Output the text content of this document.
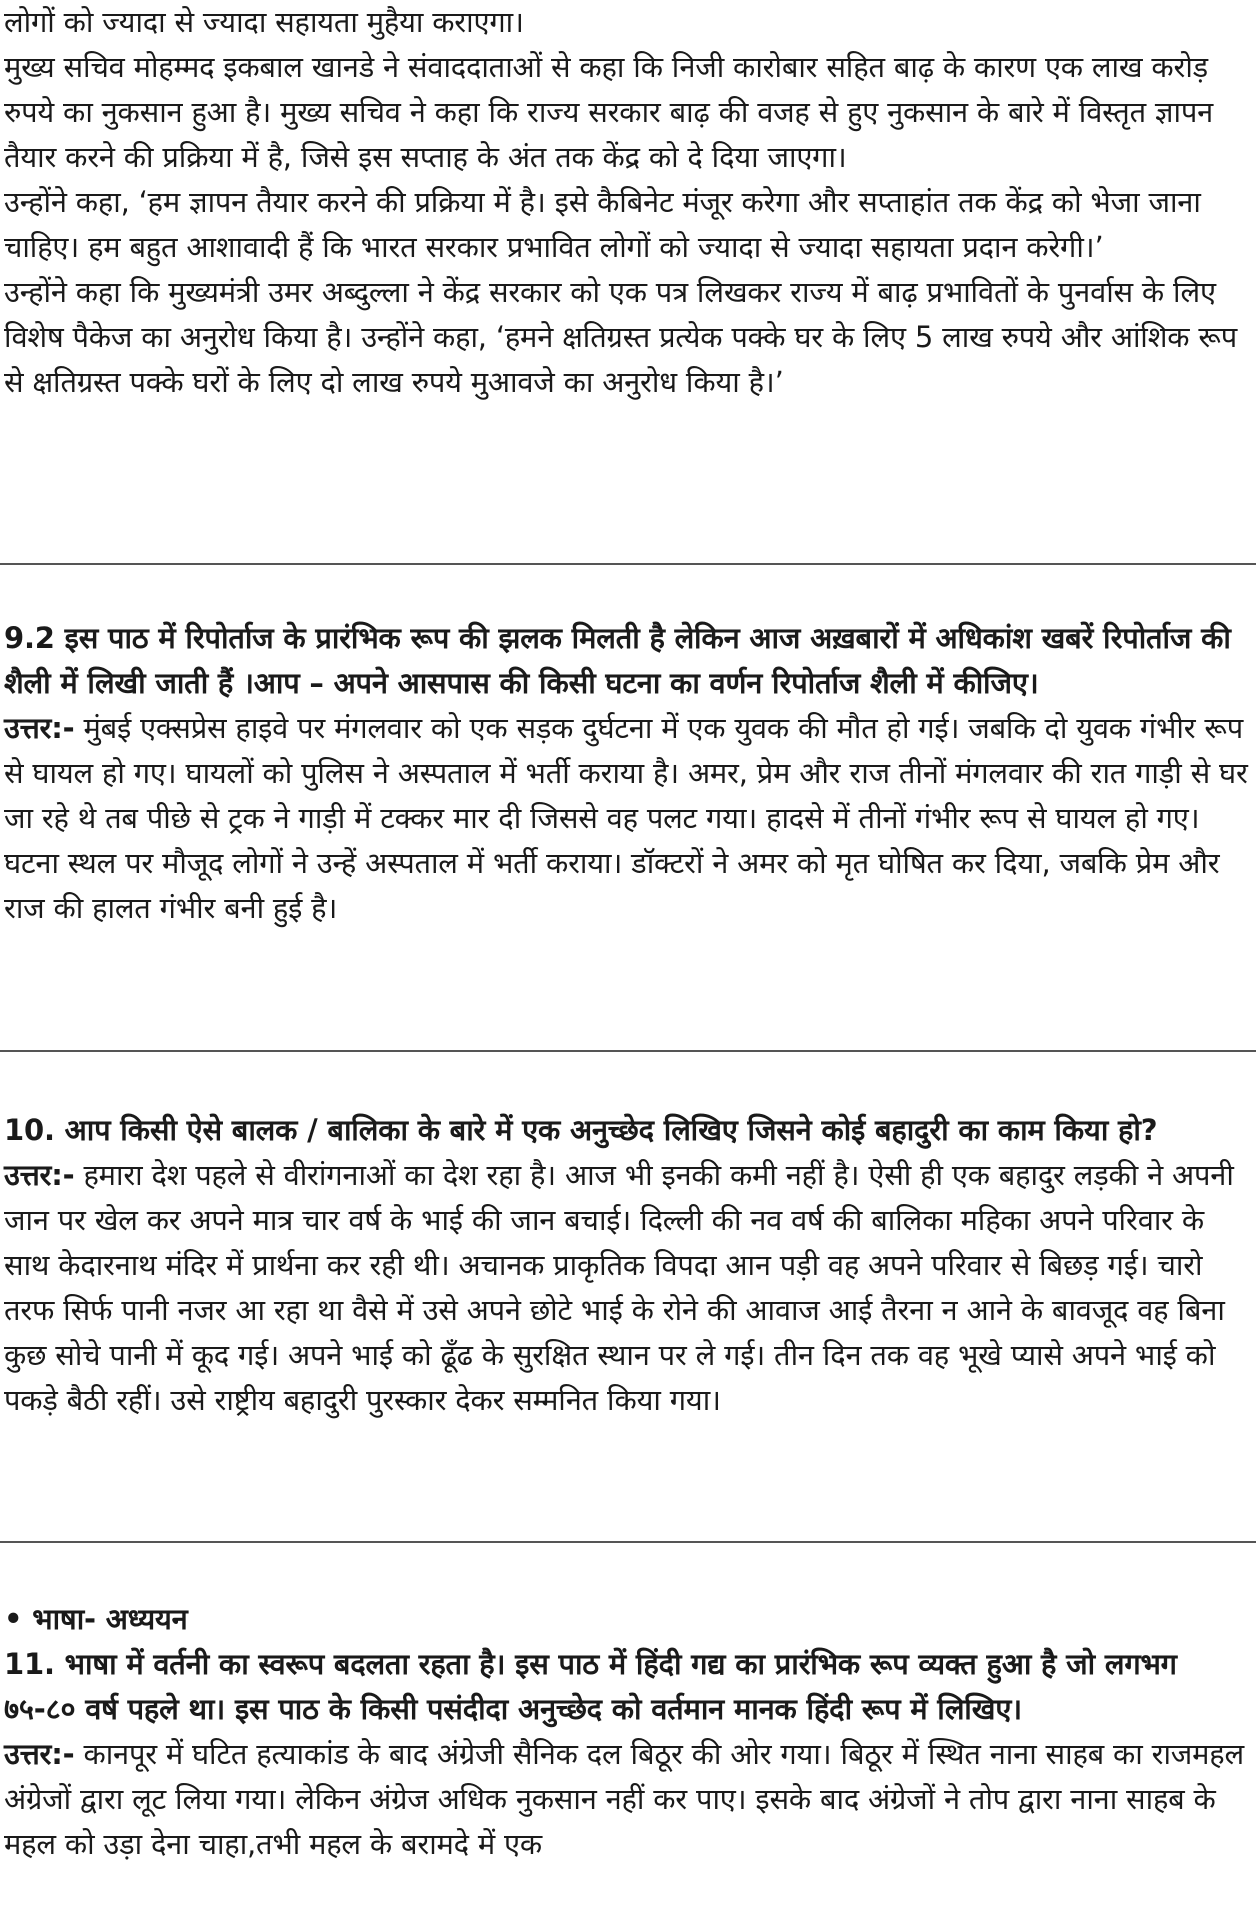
लोगों को ज्यादा से ज्यादा सहायता मुहैया कराएगा।

मुख्य सचिव मोहम्मद इकबाल खानडे ने संवाददाताओं से कहा कि निजी कारोबार सहित बाढ़ के कारण एक लाख करोड़ रुपये का नुकसान हुआ है। मुख्य सचिव ने कहा कि राज्य सरकार बाढ़ की वजह से हुए नुकसान के बारे में विस्तृत ज्ञापन तैयार करने की प्रक्रिया में है, जिसे इस सप्ताह के अंत तक केंद्र को दे दिया जाएगा।

उन्होंने कहा, ‘हम ज्ञापन तैयार करने की प्रक्रिया में है। इसे कैबिनेट मंजूर करेगा और सप्ताहांत तक केंद्र को भेजा जाना चाहिए। हम बहुत आशावादी हैं कि भारत सरकार प्रभावित लोगों को ज्यादा से ज्यादा सहायता प्रदान करेगी।’

उन्होंने कहा कि मुख्यमंत्री उमर अब्दुल्ला ने केंद्र सरकार को एक पत्र लिखकर राज्य में बाढ़ प्रभावितों के पुनर्वास के लिए विशेष पैकेज का अनुरोध किया है। उन्होंने कहा, ‘हमने क्षतिग्रस्त प्रत्येक पक्के घर के लिए 5 लाख रुपये और आंशिक रूप से क्षतिग्रस्त पक्के घरों के लिए दो लाख रुपये मुआवजे का अनुरोध किया है।’

9.2 इस पाठ में रिपोर्ताज के प्रारंभिक रूप की झलक मिलती है लेकिन आज अख़बारों में अधिकांश खबरें रिपोर्ताज की शैली में लिखी जाती हैं ।आप – अपने आसपास की किसी घटना का वर्णन रिपोर्ताज शैली में कीजिए।

उत्तर:- मुंबई एक्सप्रेस हाइवे पर मंगलवार को एक सड़क दुर्घटना में एक युवक की मौत हो गई। जबकि दो युवक गंभीर रूप से घायल हो गए। घायलों को पुलिस ने अस्पताल में भर्ती कराया है। अमर, प्रेम और राज तीनों मंगलवार की रात गाड़ी से घर जा रहे थे तब पीछे से ट्रक ने गाड़ी में टक्कर मार दी जिससे वह पलट गया। हादसे में तीनों गंभीर रूप से घायल हो गए। घटना स्थल पर मौजूद लोगों ने उन्हें अस्पताल में भर्ती कराया। डॉक्टरों ने अमर को मृत घोषित कर दिया, जबकि प्रेम और राज की हालत गंभीर बनी हुई है।

10. आप किसी ऐसे बालक / बालिका के बारे में एक अनुच्छेद लिखिए जिसने कोई बहादुरी का काम किया हो?

उत्तर:- हमारा देश पहले से वीरांगनाओं का देश रहा है। आज भी इनकी कमी नहीं है। ऐसी ही एक बहादुर लड़की ने अपनी जान पर खेल कर अपने मात्र चार वर्ष के भाई की जान बचाई। दिल्ली की नव वर्ष की बालिका महिका अपने परिवार के साथ केदारनाथ मंदिर में प्रार्थना कर रही थी। अचानक प्राकृतिक विपदा आन पड़ी वह अपने परिवार से बिछड़ गई। चारो तरफ सिर्फ पानी नजर आ रहा था वैसे में उसे अपने छोटे भाई के रोने की आवाज आई तैरना न आने के बावजूद वह बिना कुछ सोचे पानी में कूद गई। अपने भाई को ढूँढ के सुरक्षित स्थान पर ले गई। तीन दिन तक वह भूखे प्यासे अपने भाई को पकड़े बैठी रहीं। उसे राष्ट्रीय बहादुरी पुरस्कार देकर सम्मनित किया गया।

• भाषा- अध्ययन

11. भाषा में वर्तनी का स्वरूप बदलता रहता है। इस पाठ में हिंदी गद्य का प्रारंभिक रूप व्यक्त हुआ है जो लगभग ७५-८० वर्ष पहले था। इस पाठ के किसी पसंदीदा अनुच्छेद को वर्तमान मानक हिंदी रूप में लिखिए।

उत्तर:- कानपूर में घटित हत्याकांड के बाद अंग्रेजी सैनिक दल बिठूर की ओर गया। बिठूर में स्थित नाना साहब का राजमहल अंग्रेजों द्वारा लूट लिया गया। लेकिन अंग्रेज अधिक नुकसान नहीं कर पाए। इसके बाद अंग्रेजों ने तोप द्वारा नाना साहब के महल को उड़ा देना चाहा,तभी महल के बरामदे में एक
